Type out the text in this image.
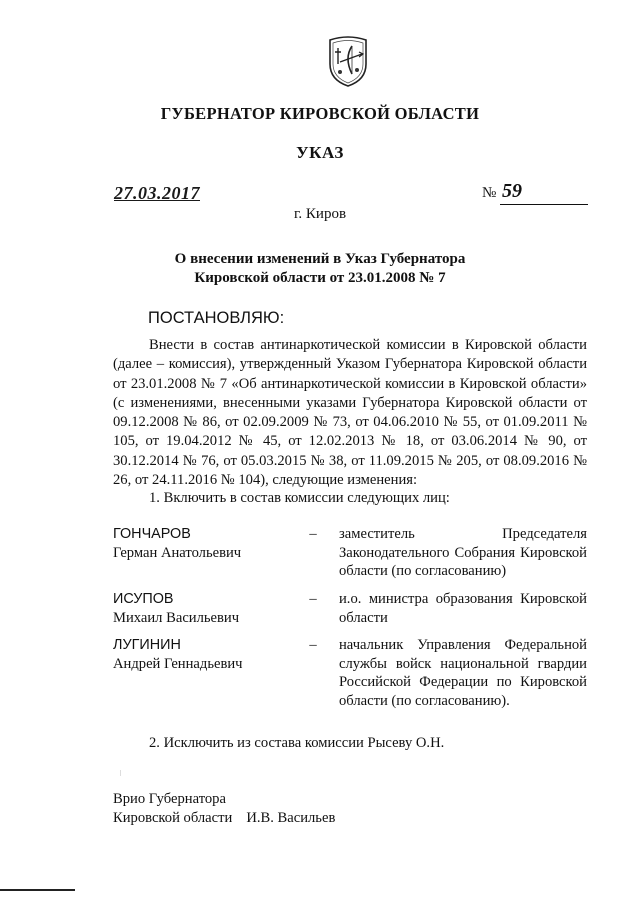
ГУБЕРНАТОР КИРОВСКОЙ ОБЛАСТИ
УКАЗ
27.03.2017	№ 59
г. Киров
О внесении изменений в Указ Губернатора
Кировской области от 23.01.2008 № 7
ПОСТАНОВЛЯЮ:
Внести в состав антинаркотической комиссии в Кировской области (далее – комиссия), утвержденный Указом Губернатора Кировской области от 23.01.2008 № 7 «Об антинаркотической комиссии в Кировской области» (с изменениями, внесенными указами Губернатора Кировской области от 09.12.2008 № 86, от 02.09.2009 № 73, от 04.06.2010 № 55, от 01.09.2011 № 105, от 19.04.2012 № 45, от 12.02.2013 № 18, от 03.06.2014 № 90, от 30.12.2014 № 76, от 05.03.2015 № 38, от 11.09.2015 № 205, от 08.09.2016 № 26, от 24.11.2016 № 104), следующие изменения:
1. Включить в состав комиссии следующих лиц:
ГОНЧАРОВ
Герман Анатольевич
–	заместитель Председателя Законодательного Собрания Кировской области (по согласованию)
ИСУПОВ
Михаил Васильевич
–	и.о. министра образования Кировской области
ЛУГИНИН
Андрей Геннадьевич
–	начальник Управления Федеральной службы войск национальной гвардии Российской Федерации по Кировской области (по согласованию).
2. Исключить из состава комиссии Рысеву О.Н.
Врио Губернатора
Кировской области И.В. Васильев
